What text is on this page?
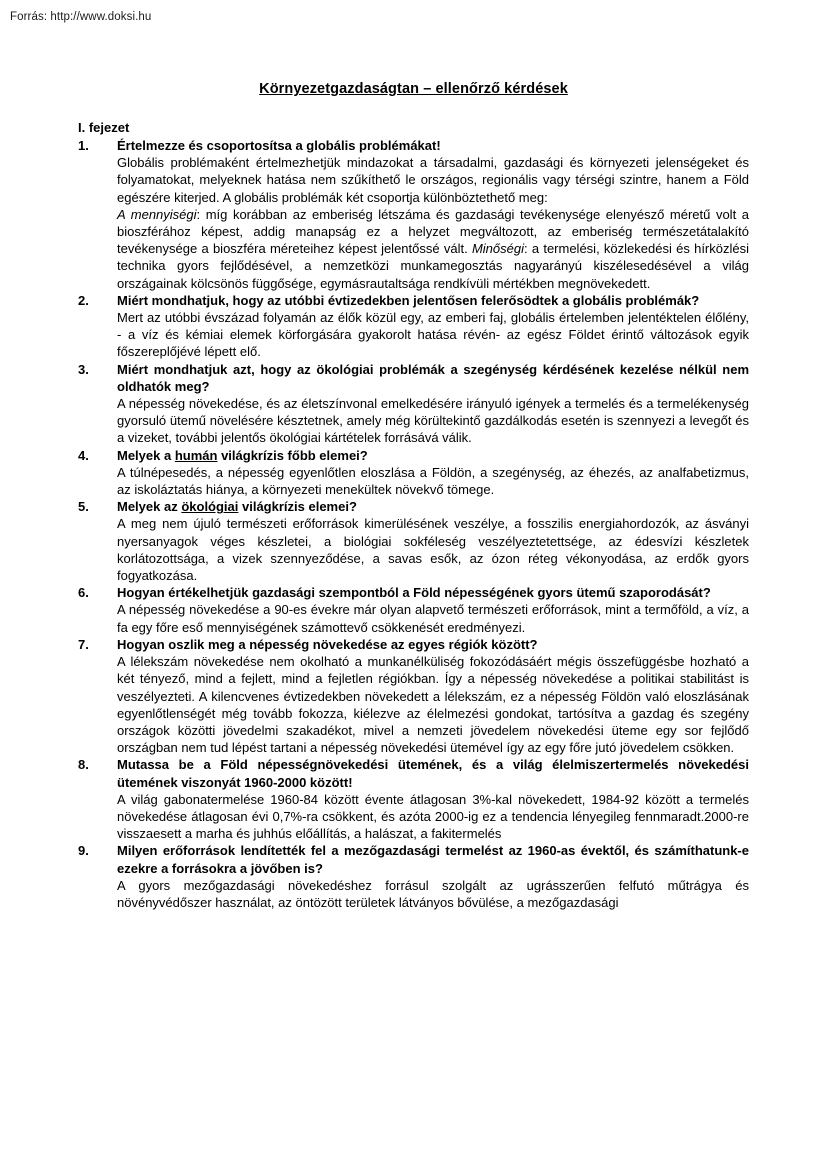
Forrás: http://www.doksi.hu
Környezetgazdaságtan – ellenőrző kérdések
I. fejezet
1.	Értelmezze és csoportosítsa a globális problémákat!

Globális problémaként értelmezhetjük mindazokat a társadalmi, gazdasági és környezeti jelenségeket és folyamatokat, melyeknek hatása nem szűkíthető le országos, regionális vagy térségi szintre, hanem a Föld egészére kiterjed. A globális problémák két csoportja különböztethető meg:

A mennyiségi: míg korábban az emberiség létszáma és gazdasági tevékenysége elenyésző méretű volt a bioszférához képest, addig manapság ez a helyzet megváltozott, az emberiség természetátalakító tevékenysége a bioszféra méreteihez képest jelentőssé vált. Minőségi: a termelési, közlekedési és hírközlési technika gyors fejlődésével, a nemzetközi munkamegosztás nagyarányú kiszélesedésével a világ országainak kölcsönös függősége, egymásrautaltsága rendkívüli mértékben megnövekedett.

2.	Miért mondhatjuk, hogy az utóbbi évtizedekben jelentősen felerősödtek a globális problémák?

Mert az utóbbi évszázad folyamán az élők közül egy, az emberi faj, globális értelemben jelentéktelen élőlény, - a víz és kémiai elemek körforgására gyakorolt hatása révén- az egész Földet érintő változások egyik főszereplőjévé lépett elő.

3.	Miért mondhatjuk azt, hogy az ökológiai problémák a szegénység kérdésének kezelése nélkül nem oldhatók meg?

A népesség növekedése, és az életszínvonal emelkedésére irányuló igények a termelés és a termelékenység gyorsuló ütemű növelésére késztetnek, amely még körültekintő gazdálkodás esetén is szennyezi a levegőt és a vizeket, további jelentős ökológiai kártételek forrásává válik.

4.	Melyek a humán világkrízis főbb elemei?

A túlnépesedés, a népesség egyenlőtlen eloszlása a Földön, a szegénység, az éhezés, az analfabetizmus, az iskoláztatás hiánya, a környezeti menekültek növekvő tömege.

5.	Melyek az ökológiai világkrízis elemei?

A meg nem újuló természeti erőforrások kimerülésének veszélye, a fosszilis energiahordozók, az ásványi nyersanyagok véges készletei, a biológiai sokféleség veszélyeztetettsége, az édesvízi készletek korlátozottsága, a vizek szennyeződése, a savas esők, az ózon réteg vékonyodása, az erdők gyors fogyatkozása.

6.	Hogyan értékelhetjük gazdasági szempontból a Föld népességének gyors ütemű szaporodását?

A népesség növekedése a 90-es évekre már olyan alapvető természeti erőforrások, mint a termőföld, a víz, a fa egy főre eső mennyiségének számottevő csökkenését eredményezi.

7.	Hogyan oszlik meg a népesség növekedése az egyes régiók között?

A lélekszám növekedése nem okolható a munkanélküliség fokozódásáért mégis összefüggésbe hozható a két tényező, mind a fejlett, mind a fejletlen régiókban. Így a népesség növekedése a politikai stabilitást is veszélyezteti. A kilencvenes évtizedekben növekedett a lélekszám, ez a népesség Földön való eloszlásának egyenlőtlenségét még tovább fokozza, kiélezve az élelmezési gondokat, tartósítva a gazdag és szegény országok közötti jövedelmi szakadékot, mivel a nemzeti jövedelem növekedési üteme egy sor fejlődő országban nem tud lépést tartani a népesség növekedési ütemével így az egy főre jutó jövedelem csökken.

8.	Mutassa be a Föld népességnövekedési ütemének, és a világ élelmiszertermelés növekedési ütemének viszonyát 1960-2000 között!

A világ gabonatermelése 1960-84 között évente átlagosan 3%-kal növekedett, 1984-92 között a termelés növekedése átlagosan évi 0,7%-ra csökkent, és azóta 2000-ig ez a tendencia lényegileg fennmaradt.2000-re visszaesett a marha és juhhús előállítás, a halászat, a fakitermelés

9.	Milyen erőforrások lendítették fel a mezőgazdasági termelést az 1960-as évektől, és számíthatunk-e ezekre a forrásokra a jövőben is?

A gyors mezőgazdasági növekedéshez forrásul szolgált az ugrásszerűen felfutó műtrágya és növényvédőszer használat, az öntözött területek látványos bővülése, a mezőgazdasági
